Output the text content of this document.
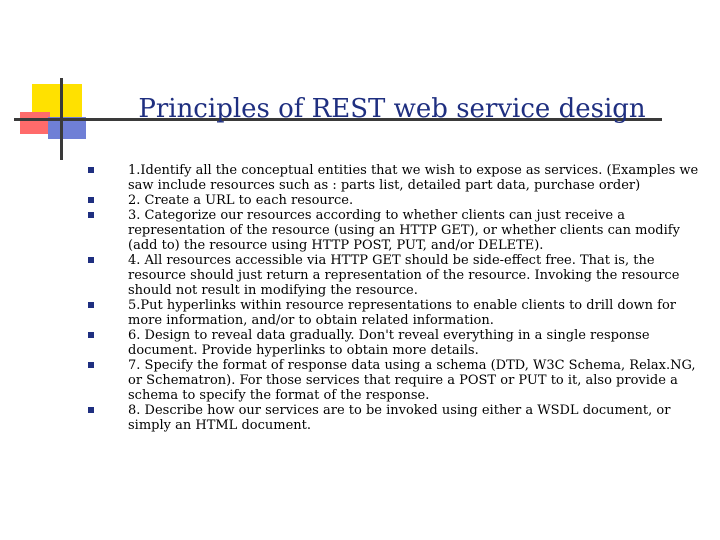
Principles of REST web service design
1.Identify all the conceptual entities that we wish to expose as services. (Examples we saw include resources such as : parts list, detailed part data, purchase order)
2. Create a URL to each resource.
3. Categorize our resources according to whether clients can just receive a representation of the resource (using an HTTP GET), or whether clients can modify (add to) the resource using HTTP POST, PUT, and/or DELETE).
4. All resources accessible via HTTP GET should be side-effect free. That is, the resource should just return a representation of the resource. Invoking the resource should not result in modifying the resource.
5.Put hyperlinks within resource representations to enable clients to drill down for more information, and/or to obtain related information.
6. Design to reveal data gradually. Don't reveal everything in a single response document. Provide hyperlinks to obtain more details.
7. Specify the format of response data using a schema (DTD, W3C Schema, Relax.NG, or Schematron). For those services that require a POST or PUT to it, also provide a schema to specify the format of the response.
8. Describe how our services are to be invoked using either a WSDL document, or simply an HTML document.
